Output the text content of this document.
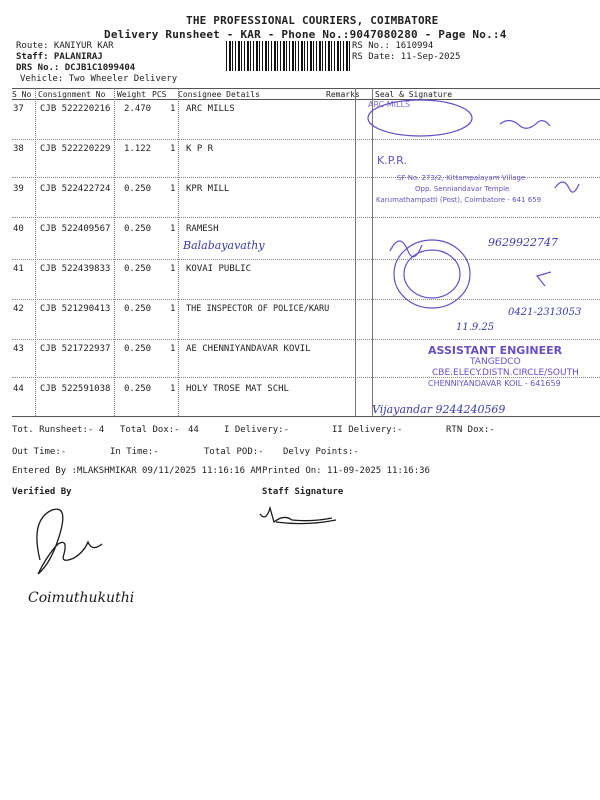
THE PROFESSIONAL COURIERS, COIMBATORE
Delivery Runsheet - KAR - Phone No.:9047080280 - Page No.:4
Route: KANIYUR KAR
Staff: PALANIRAJ
DRS No.: DCJB1C1099404
Vehicle: Two Wheeler Delivery
RS No.: 1610994
RS Date: 11-Sep-2025
S No Consignment No Weight PCS Consignee Details	Remarks Seal & Signature
37 CJB 522220216 2.470 1 ARC MILLS
38 CJB 522220229 1.122 1 K P R
39 CJB 522422724 0.250 1 KPR MILL
40 CJB 522409567 0.250 1 RAMESH
41 CJB 522439833 0.250 1 KOVAI PUBLIC
42 CJB 521290413 0.250 1 THE INSPECTOR OF POLICE/KARU
43 CJB 521722937 0.250 1 AE CHENNIYANDAVAR KOVIL
44 CJB 522591038 0.250 1 HOLY TROSE MAT SCHL
ARC MILLS
K.P.R.
SF No. 273/2, Kittampalayam Village
Opp. Senniandavar Temple
Karumathampatti (Post), Coimbatore - 641 659
Balabayavathy	9629922747
0421-2313053
11.9.25
ASSISTANT ENGINEER
TANGEDCO
CBE.ELECY.DISTN.CIRCLE/SOUTH
CHENNIYANDAVAR KOIL - 641659
Vijayandar 9244240569
Tot. Runsheet:- 4 Total Dox:- 44	I Delivery:-	II Delivery:-	RTN Dox:-
Out Time:-	In Time:-	Total POD:- Delvy Points:-
Entered By :MLAKSHMIKAR 09/11/2025 11:16:16 AM Printed On: 11-09-2025 11:16:36
Verified By	Staff Signature
Coimuthukuthi
